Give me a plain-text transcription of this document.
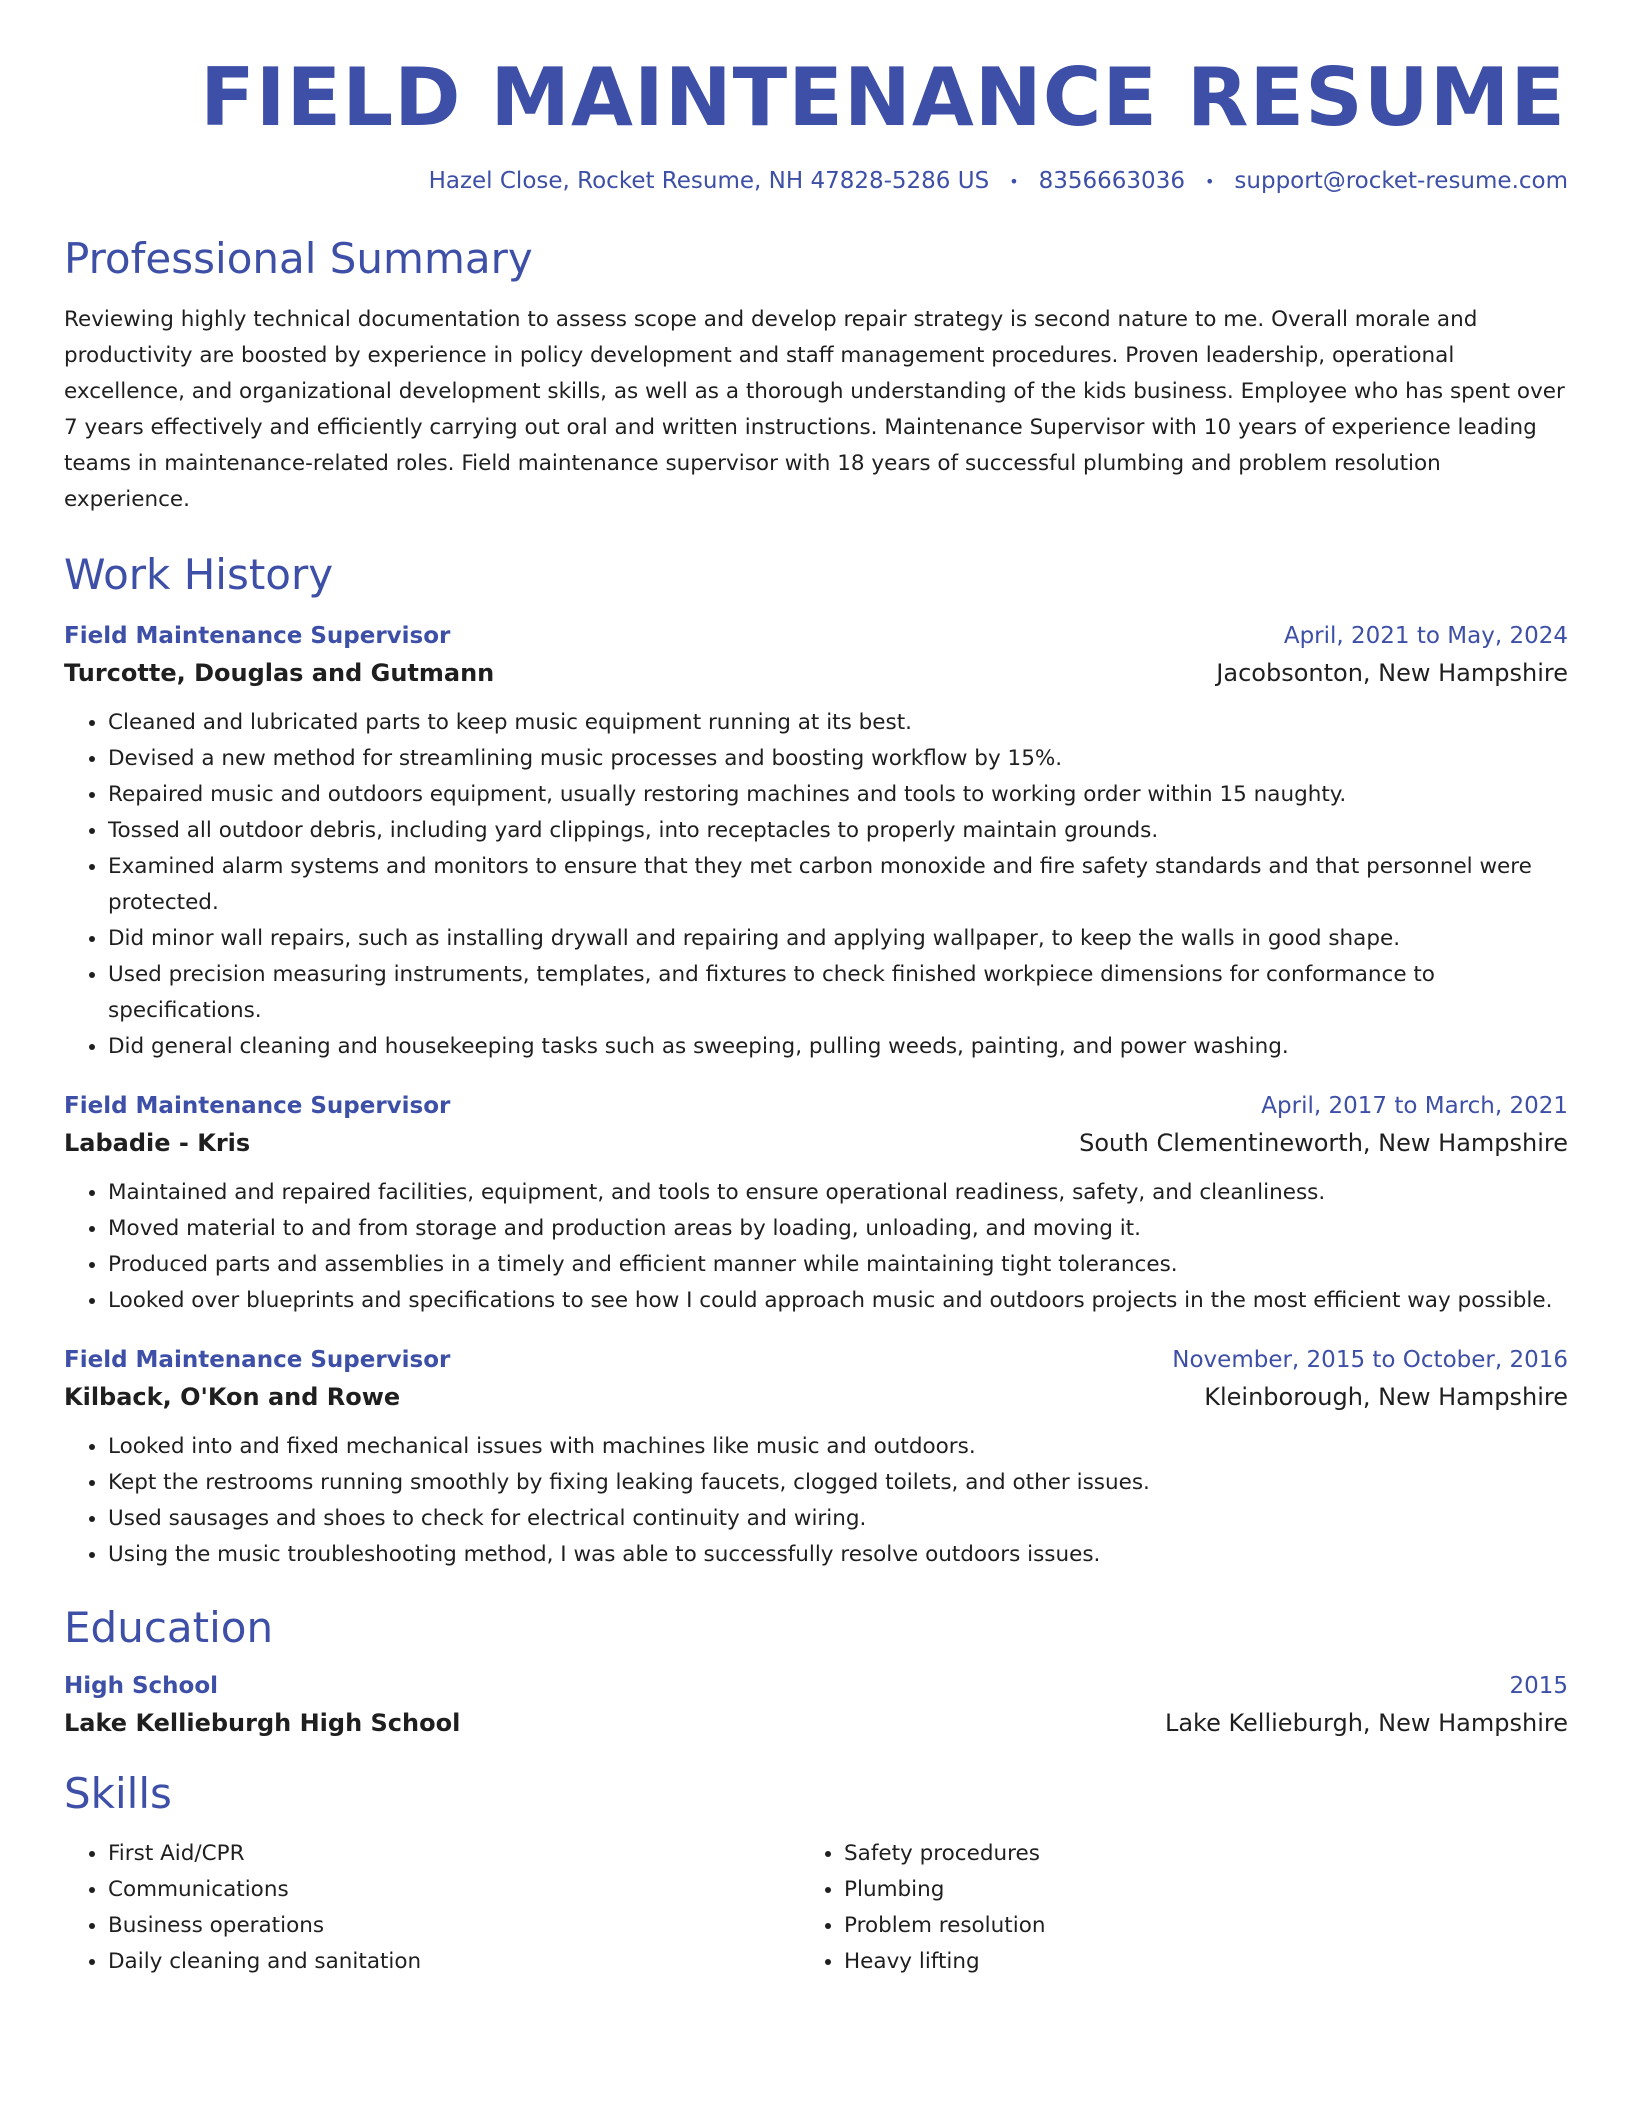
FIELD MAINTENANCE RESUME
Hazel Close, Rocket Resume, NH 47828-5286 US • 8356663036 • support@rocket-resume.com
Professional Summary
Reviewing highly technical documentation to assess scope and develop repair strategy is second nature to me. Overall morale and productivity are boosted by experience in policy development and staff management procedures. Proven leadership, operational excellence, and organizational development skills, as well as a thorough understanding of the kids business. Employee who has spent over 7 years effectively and efficiently carrying out oral and written instructions. Maintenance Supervisor with 10 years of experience leading teams in maintenance-related roles. Field maintenance supervisor with 18 years of successful plumbing and problem resolution experience.
Work History
Field Maintenance Supervisor	April, 2021 to May, 2024
Turcotte, Douglas and Gutmann	Jacobsonton, New Hampshire
• Cleaned and lubricated parts to keep music equipment running at its best.
• Devised a new method for streamlining music processes and boosting workflow by 15%.
• Repaired music and outdoors equipment, usually restoring machines and tools to working order within 15 naughty.
• Tossed all outdoor debris, including yard clippings, into receptacles to properly maintain grounds.
• Examined alarm systems and monitors to ensure that they met carbon monoxide and fire safety standards and that personnel were protected.
• Did minor wall repairs, such as installing drywall and repairing and applying wallpaper, to keep the walls in good shape.
• Used precision measuring instruments, templates, and fixtures to check finished workpiece dimensions for conformance to specifications.
• Did general cleaning and housekeeping tasks such as sweeping, pulling weeds, painting, and power washing.
Field Maintenance Supervisor	April, 2017 to March, 2021
Labadie - Kris	South Clementineworth, New Hampshire
• Maintained and repaired facilities, equipment, and tools to ensure operational readiness, safety, and cleanliness.
• Moved material to and from storage and production areas by loading, unloading, and moving it.
• Produced parts and assemblies in a timely and efficient manner while maintaining tight tolerances.
• Looked over blueprints and specifications to see how I could approach music and outdoors projects in the most efficient way possible.
Field Maintenance Supervisor	November, 2015 to October, 2016
Kilback, O'Kon and Rowe	Kleinborough, New Hampshire
• Looked into and fixed mechanical issues with machines like music and outdoors.
• Kept the restrooms running smoothly by fixing leaking faucets, clogged toilets, and other issues.
• Used sausages and shoes to check for electrical continuity and wiring.
• Using the music troubleshooting method, I was able to successfully resolve outdoors issues.
Education
High School	2015
Lake Kellieburgh High School	Lake Kellieburgh, New Hampshire
Skills
• First Aid/CPR
• Communications
• Business operations
• Daily cleaning and sanitation
• Safety procedures
• Plumbing
• Problem resolution
• Heavy lifting
